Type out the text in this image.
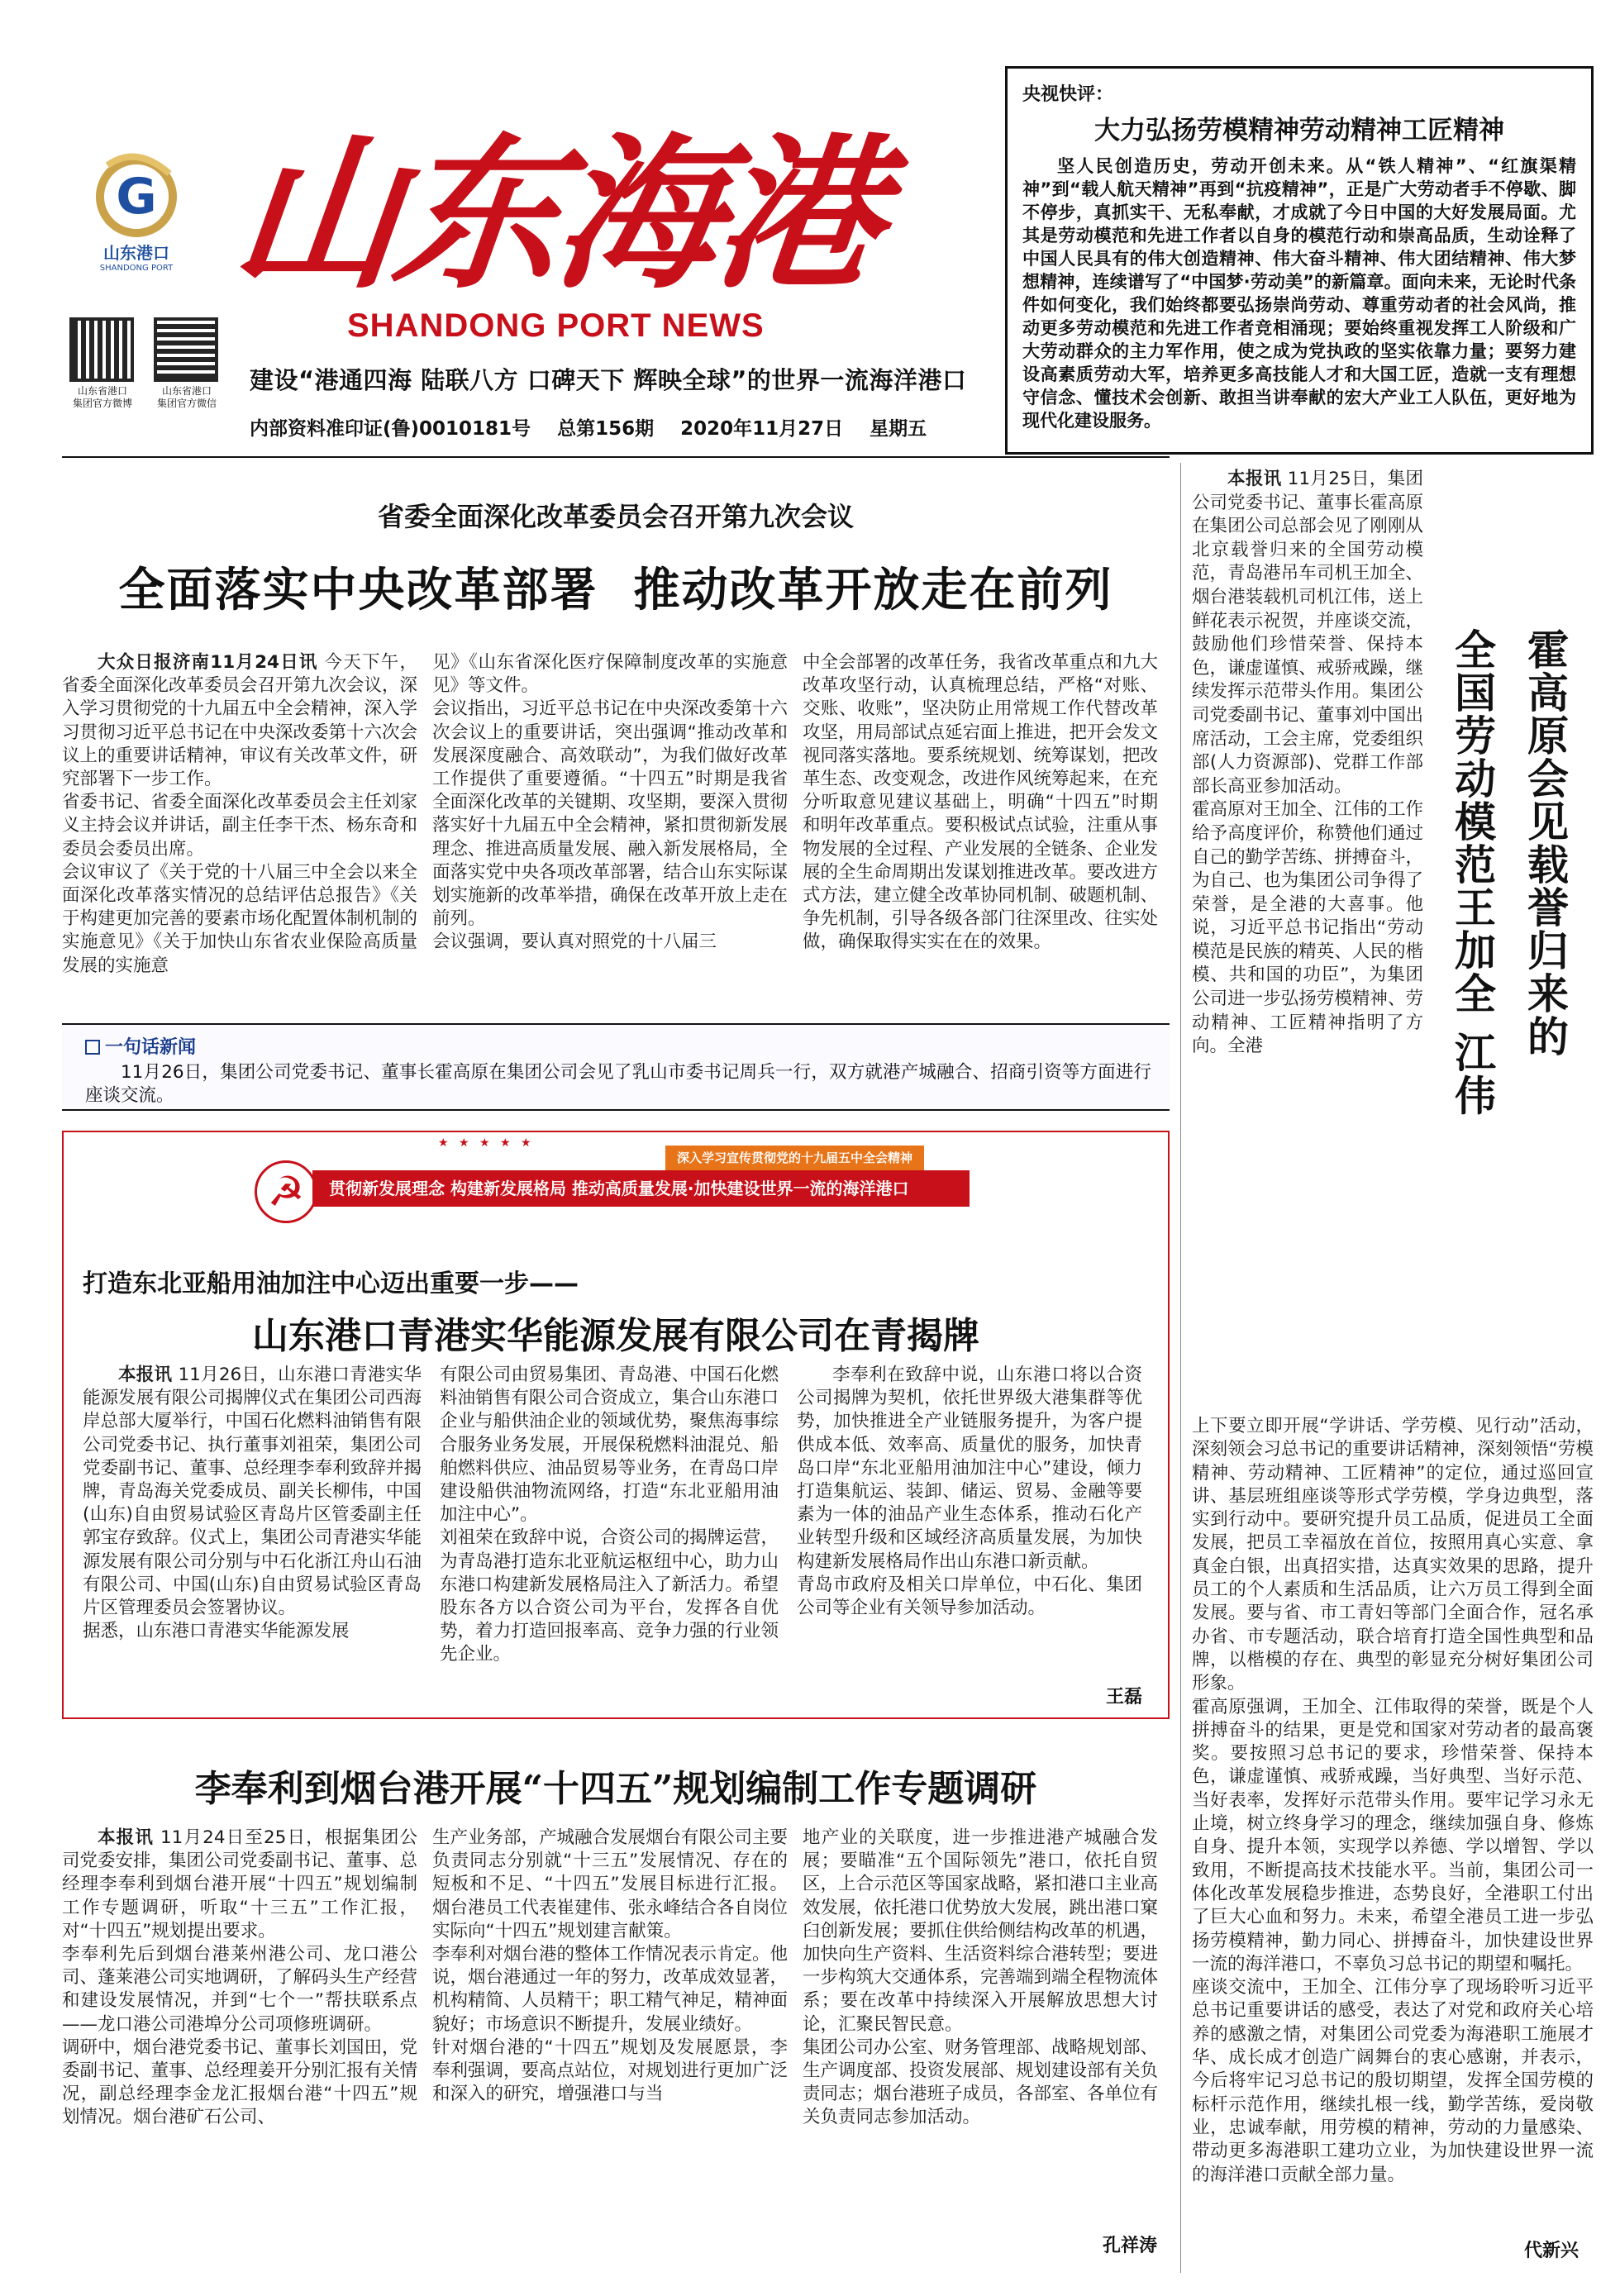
G
山东港口
SHANDONG PORT 山东海港
SHANDONG PORT NEWS
山东省港口
集团官方微博
山东省港口
集团官方微信
建设“港通四海 陆联八方 口碑天下 辉映全球”的世界一流海洋港口
内部资料准印证(鲁)0010181号    总第156期    2020年11月27日    星期五
央视快评：
大力弘扬劳模精神劳动精神工匠精神
坚人民创造历史，劳动开创未来。从“铁人精神”、“红旗渠精神”到“载人航天精神”再到“抗疫精神”，正是广大劳动者手不停歇、脚不停步，真抓实干、无私奉献，才成就了今日中国的大好发展局面。尤其是劳动模范和先进工作者以自身的模范行动和崇高品质，生动诠释了中国人民具有的伟大创造精神、伟大奋斗精神、伟大团结精神、伟大梦想精神，连续谱写了“中国梦·劳动美”的新篇章。面向未来，无论时代条件如何变化，我们始终都要弘扬崇尚劳动、尊重劳动者的社会风尚，推动更多劳动模范和先进工作者竞相涌现；要始终重视发挥工人阶级和广大劳动群众的主力军作用，使之成为党执政的坚实依靠力量；要努力建设高素质劳动大军，培养更多高技能人才和大国工匠，造就一支有理想守信念、懂技术会创新、敢担当讲奉献的宏大产业工人队伍，更好地为现代化建设服务。
省委全面深化改革委员会召开第九次会议
全面落实中央改革部署  推动改革开放走在前列

大众日报济南11月24日讯 今天下午，省委全面深化改革委员会召开第九次会议，深入学习贯彻党的十九届五中全会精神，深入学习贯彻习近平总书记在中央深改委第十六次会议上的重要讲话精神，审议有关改革文件，研究部署下一步工作。
省委书记、省委全面深化改革委员会主任刘家义主持会议并讲话，副主任李干杰、杨东奇和委员会委员出席。
会议审议了《关于党的十八届三中全会以来全面深化改革落实情况的总结评估总报告》《关于构建更加完善的要素市场化配置体制机制的实施意见》《关于加快山东省农业保险高质量发展的实施意

见》《山东省深化医疗保障制度改革的实施意见》等文件。
会议指出，习近平总书记在中央深改委第十六次会议上的重要讲话，突出强调“推动改革和发展深度融合、高效联动”，为我们做好改革工作提供了重要遵循。“十四五”时期是我省全面深化改革的关键期、攻坚期，要深入贯彻落实好十九届五中全会精神，紧扣贯彻新发展理念、推进高质量发展、融入新发展格局，全面落实党中央各项改革部署，结合山东实际谋划实施新的改革举措，确保在改革开放上走在前列。
会议强调，要认真对照党的十八届三

中全会部署的改革任务，我省改革重点和九大改革攻坚行动，认真梳理总结，严格“对账、交账、收账”，坚决防止用常规工作代替改革攻坚，用局部试点延宕面上推进，把开会发文视同落实落地。要系统规划、统筹谋划，把改革生态、改变观念，改进作风统筹起来，在充分听取意见建议基础上，明确“十四五”时期和明年改革重点。要积极试点试验，注重从事物发展的全过程、产业发展的全链条、企业发展的全生命周期出发谋划推进改革。要改进方式方法，建立健全改革协同机制、破题机制、争先机制，引导各级各部门往深里改、往实处做，确保取得实实在在的效果。

一句话新闻
11月26日，集团公司党委书记、董事长霍高原在集团公司会见了乳山市委书记周兵一行，双方就港产城融合、招商引资等方面进行座谈交流。
★ ★ ★ ★ ★
☭
深入学习宣传贯彻党的十九届五中全会精神
贯彻新发展理念 构建新发展格局 推动高质量发展·加快建设世界一流的海洋港口
打造东北亚船用油加注中心迈出重要一步——
山东港口青港实华能源发展有限公司在青揭牌

本报讯 11月26日，山东港口青港实华能源发展有限公司揭牌仪式在集团公司西海岸总部大厦举行，中国石化燃料油销售有限公司党委书记、执行董事刘祖荣，集团公司党委副书记、董事、总经理李奉利致辞并揭牌，青岛海关党委成员、副关长柳伟，中国(山东)自由贸易试验区青岛片区管委副主任郭宝存致辞。仪式上，集团公司青港实华能源发展有限公司分别与中石化浙江舟山石油有限公司、中国(山东)自由贸易试验区青岛片区管理委员会签署协议。
据悉，山东港口青港实华能源发展

有限公司由贸易集团、青岛港、中国石化燃料油销售有限公司合资成立，集合山东港口企业与船供油企业的领域优势，聚焦海事综合服务业务发展，开展保税燃料油混兑、船舶燃料供应、油品贸易等业务，在青岛口岸建设船供油物流网络，打造“东北亚船用油加注中心”。
刘祖荣在致辞中说，合资公司的揭牌运营，为青岛港打造东北亚航运枢纽中心，助力山东港口构建新发展格局注入了新活力。希望股东各方以合资公司为平台，发挥各自优势，着力打造回报率高、竞争力强的行业领先企业。

李奉利在致辞中说，山东港口将以合资公司揭牌为契机，依托世界级大港集群等优势，加快推进全产业链服务提升，为客户提供成本低、效率高、质量优的服务，加快青岛口岸“东北亚船用油加注中心”建设，倾力打造集航运、装卸、储运、贸易、金融等要素为一体的油品产业生态体系，推动石化产业转型升级和区域经济高质量发展，为加快构建新发展格局作出山东港口新贡献。
青岛市政府及相关口岸单位，中石化、集团公司等企业有关领导参加活动。

王磊
李奉利到烟台港开展“十四五”规划编制工作专题调研

本报讯 11月24日至25日，根据集团公司党委安排，集团公司党委副书记、董事、总经理李奉利到烟台港开展“十四五”规划编制工作专题调研，听取“十三五”工作汇报，对“十四五”规划提出要求。
李奉利先后到烟台港莱州港公司、龙口港公司、蓬莱港公司实地调研，了解码头生产经营和建设发展情况，并到“七个一”帮扶联系点——龙口港公司港埠分公司项修班调研。
调研中，烟台港党委书记、董事长刘国田，党委副书记、董事、总经理姜开分别汇报有关情况，副总经理李金龙汇报烟台港“十四五”规划情况。烟台港矿石公司、

生产业务部，产城融合发展烟台有限公司主要负责同志分别就“十三五”发展情况、存在的短板和不足、“十四五”发展目标进行汇报。烟台港员工代表崔建伟、张永峰结合各自岗位实际向“十四五”规划建言献策。
李奉利对烟台港的整体工作情况表示肯定。他说，烟台港通过一年的努力，改革成效显著，机构精简、人员精干；职工精气神足，精神面貌好；市场意识不断提升，发展业绩好。
针对烟台港的“十四五”规划及发展愿景，李奉利强调，要高点站位，对规划进行更加广泛和深入的研究，增强港口与当

地产业的关联度，进一步推进港产城融合发展；要瞄准“五个国际领先”港口，依托自贸区，上合示范区等国家战略，紧扣港口主业高效发展，依托港口优势放大发展，跳出港口窠臼创新发展；要抓住供给侧结构改革的机遇，加快向生产资料、生活资料综合港转型；要进一步构筑大交通体系，完善端到端全程物流体系；要在改革中持续深入开展解放思想大讨论，汇聚民智民意。
集团公司办公室、财务管理部、战略规划部、生产调度部、投资发展部、规划建设部有关负责同志；烟台港班子成员，各部室、各单位有关负责同志参加活动。

孔祥涛

本报讯 11月25日，集团公司党委书记、董事长霍高原在集团公司总部会见了刚刚从北京载誉归来的全国劳动模范，青岛港吊车司机王加全、烟台港装载机司机江伟，送上鲜花表示祝贺，并座谈交流，鼓励他们珍惜荣誉、保持本色，谦虚谨慎、戒骄戒躁，继续发挥示范带头作用。集团公司党委副书记、董事刘中国出席活动，工会主席，党委组织部(人力资源部)、党群工作部部长高亚参加活动。
霍高原对王加全、江伟的工作给予高度评价，称赞他们通过自己的勤学苦练、拼搏奋斗，为自己、也为集团公司争得了荣誉，是全港的大喜事。他说，习近平总书记指出“劳动模范是民族的精英、人民的楷模、共和国的功臣”，为集团公司进一步弘扬劳模精神、劳动精神、工匠精神指明了方向。全港	霍高原会见载誉归来的
全国劳动模范王加全 江伟

上下要立即开展“学讲话、学劳模、见行动”活动，深刻领会习总书记的重要讲话精神，深刻领悟“劳模精神、劳动精神、工匠精神”的定位，通过巡回宣讲、基层班组座谈等形式学劳模，学身边典型，落实到行动中。要研究提升员工品质，促进员工全面发展，把员工幸福放在首位，按照用真心实意、拿真金白银，出真招实措，达真实效果的思路，提升员工的个人素质和生活品质，让六万员工得到全面发展。要与省、市工青妇等部门全面合作，冠名承办省、市专题活动，联合培育打造全国性典型和品牌，以楷模的存在、典型的彰显充分树好集团公司形象。
霍高原强调，王加全、江伟取得的荣誉，既是个人拼搏奋斗的结果，更是党和国家对劳动者的最高褒奖。要按照习总书记的要求，珍惜荣誉、保持本色，谦虚谨慎、戒骄戒躁，当好典型、当好示范、当好表率，发挥好示范带头作用。要牢记学习永无止境，树立终身学习的理念，继续加强自身、修炼自身、提升本领，实现学以养德、学以增智、学以致用，不断提高技术技能水平。当前，集团公司一体化改革发展稳步推进，态势良好，全港职工付出了巨大心血和努力。未来，希望全港员工进一步弘扬劳模精神，勤力同心、拼搏奋斗，加快建设世界一流的海洋港口，不辜负习总书记的期望和嘱托。
座谈交流中，王加全、江伟分享了现场聆听习近平总书记重要讲话的感受，表达了对党和政府关心培养的感激之情，对集团公司党委为海港职工施展才华、成长成才创造广阔舞台的衷心感谢，并表示，今后将牢记习总书记的殷切期望，发挥全国劳模的标杆示范作用，继续扎根一线，勤学苦练，爱岗敬业，忠诚奉献，用劳模的精神，劳动的力量感染、带动更多海港职工建功立业，为加快建设世界一流的海洋港口贡献全部力量。

代新兴
